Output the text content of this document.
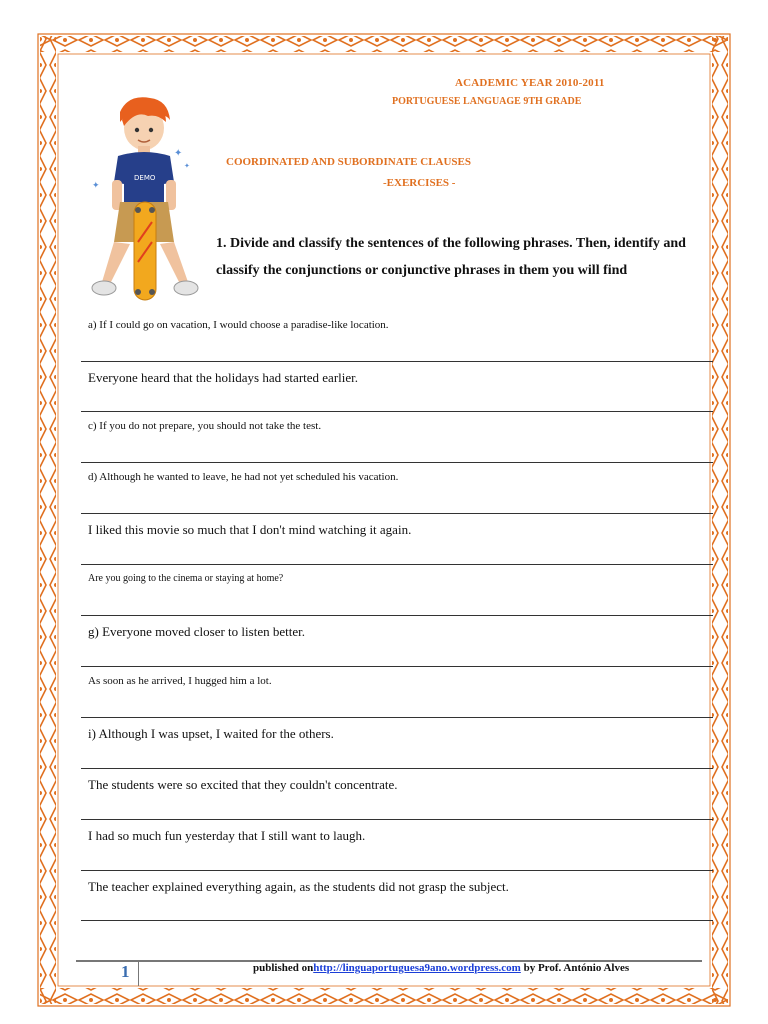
DEMO
✦
✦
✦
ACADEMIC YEAR 2010-2011
PORTUGUESE LANGUAGE 9TH GRADE
COORDINATED AND SUBORDINATE CLAUSES
-EXERCISES -
1. Divide and classify the sentences of the following phrases. Then, identify and classify the conjunctions or conjunctive phrases in them you will find
a) If I could go on vacation, I would choose a paradise-like location.
Everyone heard that the holidays had started earlier.
c) If you do not prepare, you should not take the test.
d) Although he wanted to leave, he had not yet scheduled his vacation.
I liked this movie so much that I don't mind watching it again.
Are you going to the cinema or staying at home?
g) Everyone moved closer to listen better.
As soon as he arrived, I hugged him a lot.
i) Although I was upset, I waited for the others.
The students were so excited that they couldn't concentrate.
I had so much fun yesterday that I still want to laugh.
The teacher explained everything again, as the students did not grasp the subject.
1	published onhttp://linguaportuguesa9ano.wordpress.com by Prof. António Alves
